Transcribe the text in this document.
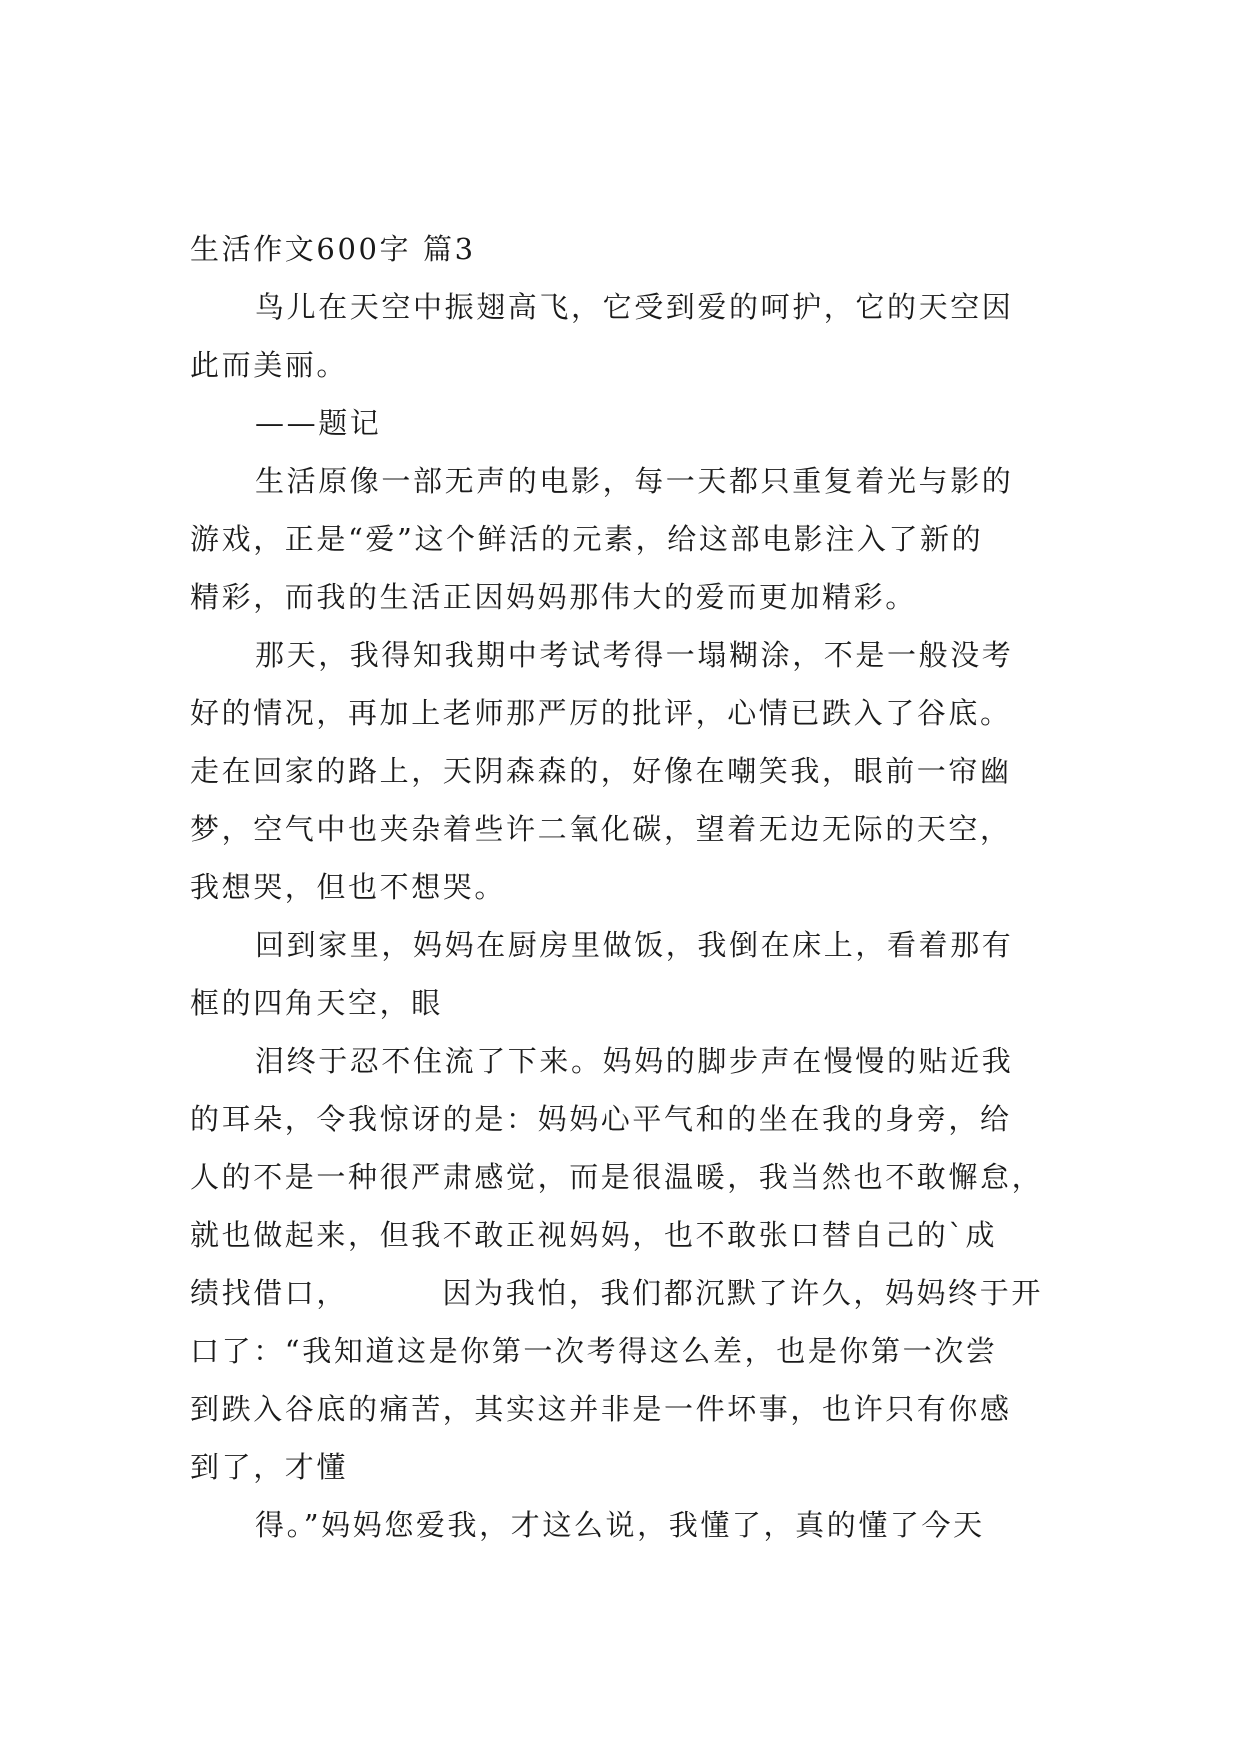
生活作文600字 篇3
鸟儿在天空中振翅高飞，它受到爱的呵护，它的天空因
此而美丽。
——题记
生活原像一部无声的电影，每一天都只重复着光与影的
游戏，正是“爱”这个鲜活的元素，给这部电影注入了新的
精彩，而我的生活正因妈妈那伟大的爱而更加精彩。
那天，我得知我期中考试考得一塌糊涂，不是一般没考
好的情况，再加上老师那严厉的批评，心情已跌入了谷底。
走在回家的路上，天阴森森的，好像在嘲笑我，眼前一帘幽
梦，空气中也夹杂着些许二氧化碳，望着无边无际的天空，
我想哭，但也不想哭。
回到家里，妈妈在厨房里做饭，我倒在床上，看着那有
框的四角天空，眼
泪终于忍不住流了下来。妈妈的脚步声在慢慢的贴近我
的耳朵，令我惊讶的是：妈妈心平气和的坐在我的身旁，给
人的不是一种很严肃感觉，而是很温暖，我当然也不敢懈怠，
就也做起来，但我不敢正视妈妈，也不敢张口替自己的`成
绩找借口，        因为我怕，我们都沉默了许久，妈妈终于开
口了：“我知道这是你第一次考得这么差，也是你第一次尝
到跌入谷底的痛苦，其实这并非是一件坏事，也许只有你感
到了，才懂
得。”妈妈您爱我，才这么说，我懂了，真的懂了今天
